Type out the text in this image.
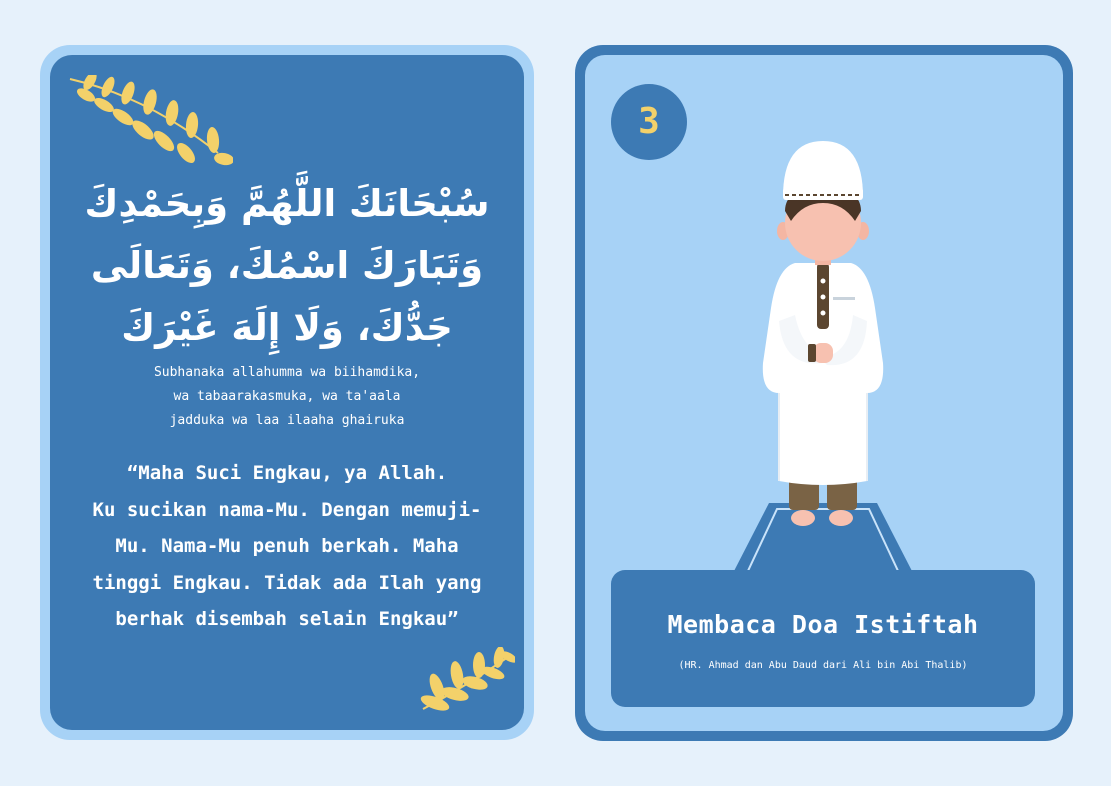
سُبْحَانَكَ اللَّهُمَّ وَبِحَمْدِكَ
وَتَبَارَكَ اسْمُكَ، وَتَعَالَى
جَدُّكَ، وَلَا إِلَهَ غَيْرَكَ
Subhanaka allahumma wa biihamdika,
wa tabaarakasmuka, wa ta'aala
jadduka wa laa ilaaha ghairuka
“Maha Suci Engkau, ya Allah.
Ku sucikan nama-Mu. Dengan memuji-
Mu. Nama-Mu penuh berkah. Maha
tinggi Engkau. Tidak ada Ilah yang
berhak disembah selain Engkau”
3
Membaca Doa Istiftah
(HR. Ahmad dan Abu Daud dari Ali bin Abi Thalib)
